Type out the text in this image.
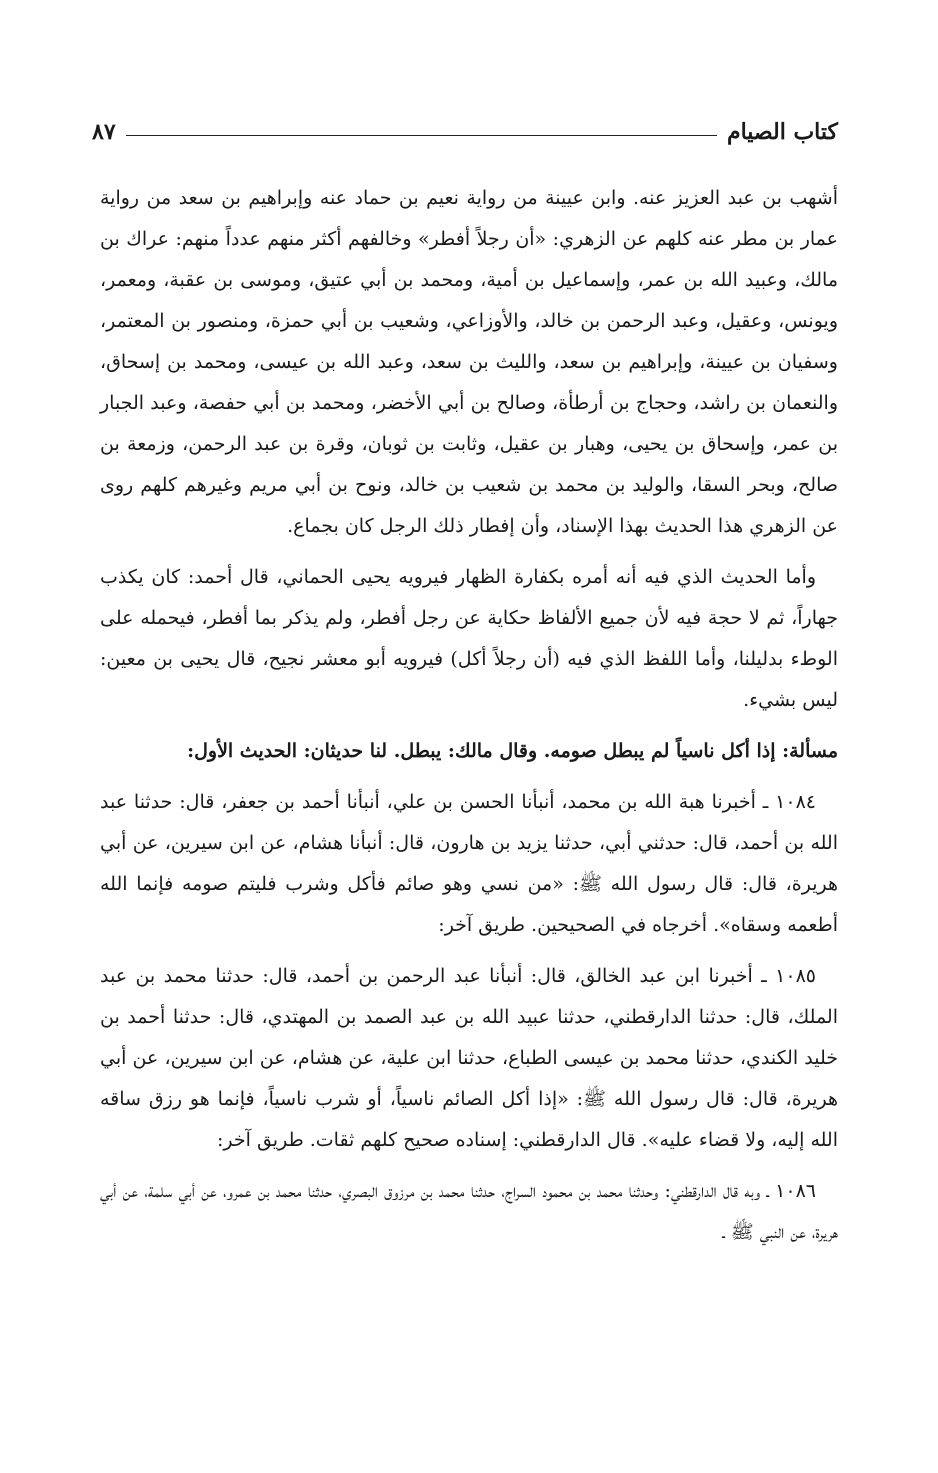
كتاب الصيام
٨٧

أشهب بن عبد العزيز عنه. وابن عيينة من رواية نعيم بن حماد عنه وإبراهيم بن سعد من رواية عمار بن مطر عنه كلهم عن الزهري: «أن رجلاً أفطر» وخالفهم أكثر منهم عدداً منهم: عراك بن مالك، وعبيد الله بن عمر، وإسماعيل بن أمية، ومحمد بن أبي عتيق، وموسى بن عقبة، ومعمر، ويونس، وعقيل، وعبد الرحمن بن خالد، والأوزاعي، وشعيب بن أبي حمزة، ومنصور بن المعتمر، وسفيان بن عيينة، وإبراهيم بن سعد، والليث بن سعد، وعبد الله بن عيسى، ومحمد بن إسحاق، والنعمان بن راشد، وحجاج بن أرطأة، وصالح بن أبي الأخضر، ومحمد بن أبي حفصة، وعبد الجبار بن عمر، وإسحاق بن يحيى، وهبار بن عقيل، وثابت بن ثوبان، وقرة بن عبد الرحمن، وزمعة بن صالح، وبحر السقا، والوليد بن محمد بن شعيب بن خالد، ونوح بن أبي مريم وغيرهم كلهم روى عن الزهري هذا الحديث بهذا الإسناد، وأن إفطار ذلك الرجل كان بجماع.

وأما الحديث الذي فيه أنه أمره بكفارة الظهار فيرويه يحيى الحماني، قال أحمد: كان يكذب جهاراً، ثم لا حجة فيه لأن جميع الألفاظ حكاية عن رجل أفطر، ولم يذكر بما أفطر، فيحمله على الوطء بدليلنا، وأما اللفظ الذي فيه (أن رجلاً أكل) فيرويه أبو معشر نجيح، قال يحيى بن معين: ليس بشيء.

مسألة: إذا أكل ناسياً لم يبطل صومه. وقال مالك: يبطل. لنا حديثان: الحديث الأول:

١٠٨٤ ـ أخبرنا هبة الله بن محمد، أنبأنا الحسن بن علي، أنبأنا أحمد بن جعفر، قال: حدثنا عبد الله بن أحمد، قال: حدثني أبي، حدثنا يزيد بن هارون، قال: أنبأنا هشام، عن ابن سيرين، عن أبي هريرة، قال: قال رسول الله ﷺ: «من نسي وهو صائم فأكل وشرب فليتم صومه فإنما الله أطعمه وسقاه». أخرجاه في الصحيحين. طريق آخر:

١٠٨٥ ـ أخبرنا ابن عبد الخالق، قال: أنبأنا عبد الرحمن بن أحمد، قال: حدثنا محمد بن عبد الملك، قال: حدثنا الدارقطني، حدثنا عبيد الله بن عبد الصمد بن المهتدي، قال: حدثنا أحمد بن خليد الكندي، حدثنا محمد بن عيسى الطباع، حدثنا ابن علية، عن هشام، عن ابن سيرين، عن أبي هريرة، قال: قال رسول الله ﷺ: «إذا أكل الصائم ناسياً، أو شرب ناسياً، فإنما هو رزق ساقه الله إليه، ولا قضاء عليه». قال الدارقطني: إسناده صحيح كلهم ثقات. طريق آخر:

١٠٨٦ ـ وبه قال الدارقطني: وحدثنا محمد بن محمود السراج، حدثنا محمد بن مرزوق البصري، حدثنا محمد بن عمرو، عن أبي سلمة، عن أبي هريرة، عن النبي ﷺ ـ
